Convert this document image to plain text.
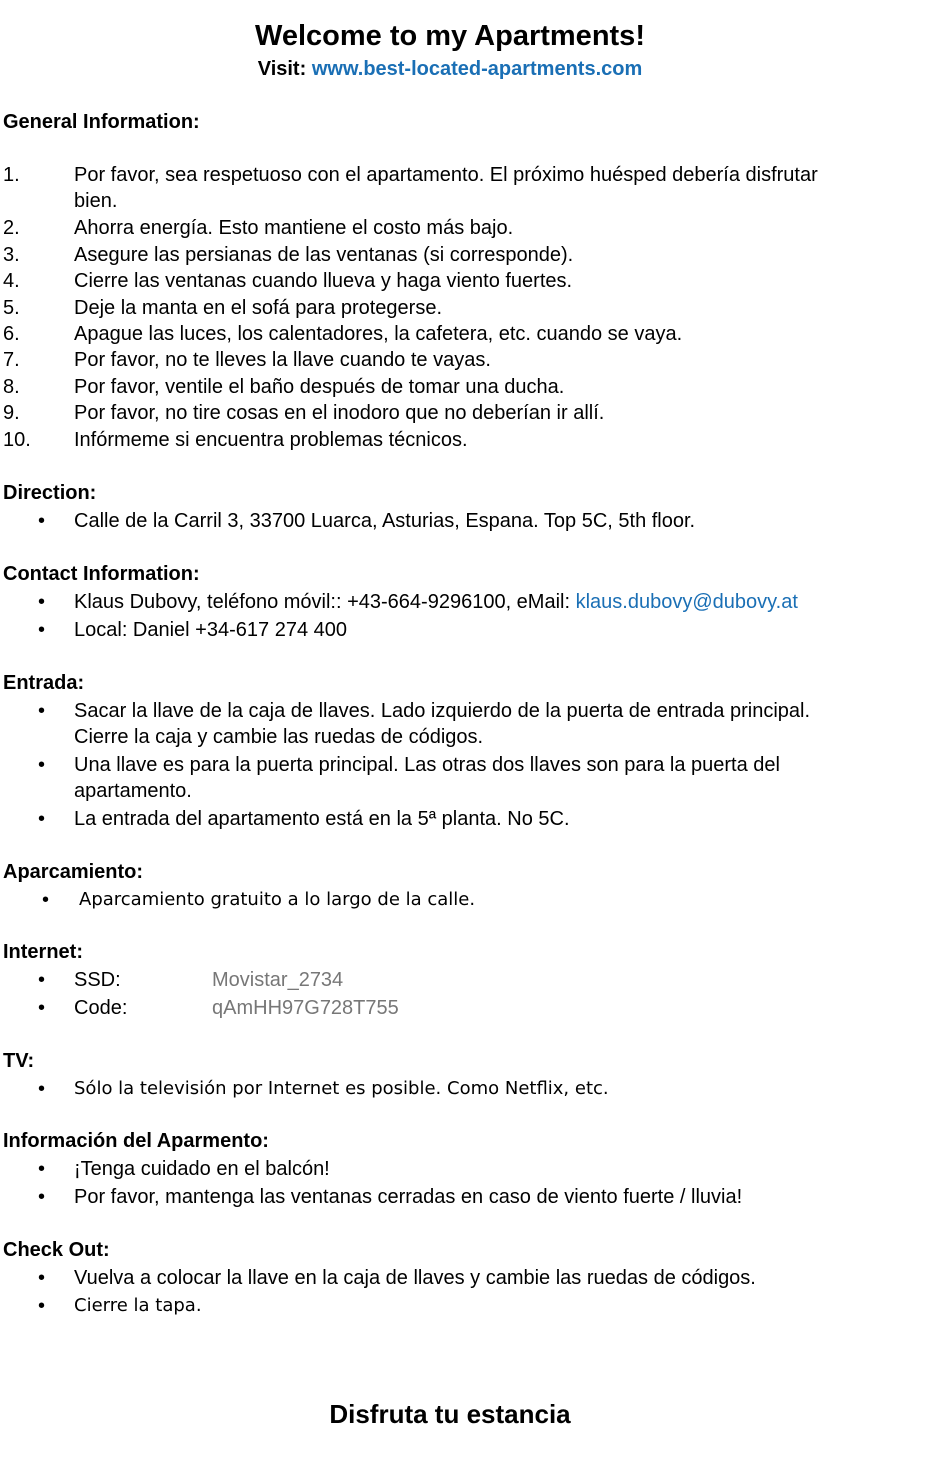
Welcome to my Apartments!
Visit: www.best-located-apartments.com
General Information:
1.	Por favor, sea respetuoso con el apartamento. El próximo huésped debería disfrutar
bien.
2.	Ahorra energía. Esto mantiene el costo más bajo.
3.	Asegure las persianas de las ventanas (si corresponde).
4.	Cierre las ventanas cuando llueva y haga viento fuertes.
5.	Deje la manta en el sofá para protegerse.
6.	Apague las luces, los calentadores, la cafetera, etc. cuando se vaya.
7.	Por favor, no te lleves la llave cuando te vayas.
8.	Por favor, ventile el baño después de tomar una ducha.
9.	Por favor, no tire cosas en el inodoro que no deberían ir allí.
10. Infórmeme si encuentra problemas técnicos.
Direction:
• Calle de la Carril 3, 33700 Luarca, Asturias, Espana. Top 5C, 5th floor.
Contact Information:
• Klaus Dubovy, teléfono móvil:: +43-664-9296100, eMail: klaus.dubovy@dubovy.at
• Local: Daniel +34-617 274 400
Entrada:
• Sacar la llave de la caja de llaves. Lado izquierdo de la puerta de entrada principal.
Cierre la caja y cambie las ruedas de códigos.
• Una llave es para la puerta principal. Las otras dos llaves son para la puerta del
apartamento.
• La entrada del apartamento está en la 5ª planta. No 5C.
Aparcamiento:
• Aparcamiento gratuito a lo largo de la calle.
Internet:
• SSD:	Movistar_2734
• Code:	qAmHH97G728T755
TV:
• Sólo la televisión por Internet es posible. Como Netflix, etc.
Información del Aparmento:
• ¡Tenga cuidado en el balcón!
• Por favor, mantenga las ventanas cerradas en caso de viento fuerte / lluvia!
Check Out:
• Vuelva a colocar la llave en la caja de llaves y cambie las ruedas de códigos.
• Cierre la tapa.
Disfruta tu estancia
